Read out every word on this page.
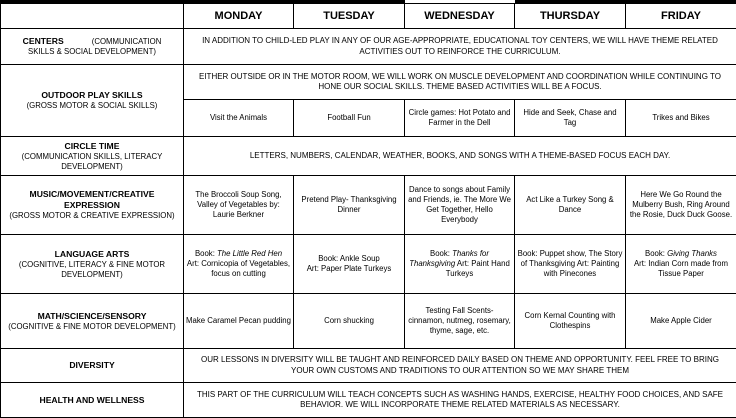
	MONDAY	TUESDAY	WEDNESDAY	THURSDAY	FRIDAY
CENTERS (COMMUNICATION
SKILLS & SOCIAL DEVELOPMENT)	IN ADDITION TO CHILD-LED PLAY IN ANY OF OUR AGE-APPROPRIATE, EDUCATIONAL TOY CENTERS, WE WILL HAVE THEME RELATED ACTIVITIES OUT TO REINFORCE THE CURRICULUM.				

OUTDOOR PLAY SKILLS
(GROSS MOTOR & SOCIAL SKILLS)	EITHER OUTSIDE OR IN THE MOTOR ROOM, WE WILL WORK ON MUSCLE DEVELOPMENT AND COORDINATION WHILE CONTINUING TO HONE OUR SOCIAL SKILLS. THEME BASED ACTIVITIES WILL BE A FOCUS.				
	Visit the Animals	Football Fun	Circle games: Hot Potato and Farmer in the Dell	Hide and Seek, Chase and Tag	Trikes and Bikes

CIRCLE TIME
(COMMUNICATION SKILLS, LITERACY DEVELOPMENT)	LETTERS, NUMBERS, CALENDAR, WEATHER, BOOKS, AND SONGS WITH A THEME-BASED FOCUS EACH DAY.				

MUSIC/MOVEMENT/CREATIVE EXPRESSION
(GROSS MOTOR & CREATIVE EXPRESSION)	The Broccoli Soup Song, Valley of Vegetables by: Laurie Berkner	Pretend Play- Thanksgiving Dinner	Dance to songs about Family and Friends, ie. The More We Get Together, Hello Everybody	Act Like a Turkey Song & Dance	Here We Go Round the Mulberry Bush, Ring Around the Rosie, Duck Duck Goose.

LANGUAGE ARTS
(COGNITIVE, LITERACY & FINE MOTOR DEVELOPMENT)	Book: The Little Red Hen
Art: Cornicopia of Vegetables, focus on cutting	Book: Ankle Soup
Art: Paper Plate Turkeys	Book: Thanks for
Thanksgiving Art: Paint Hand Turkeys	Book: Puppet show, The Story of Thanksgiving Art: Painting with Pinecones	Book: Giving Thanks
Art: Indian Corn made from Tissue Paper

MATH/SCIENCE/SENSORY
(COGNITIVE & FINE MOTOR DEVELOPMENT)	Make Caramel Pecan pudding	Corn shucking	Testing Fall Scents- cinnamon, nutmeg, rosemary, thyme, sage, etc.	Corn Kernal Counting with Clothespins	Make Apple Cider

DIVERSITY	OUR LESSONS IN DIVERSITY WILL BE TAUGHT AND REINFORCED DAILY BASED ON THEME AND OPPORTUNITY. FEEL FREE TO BRING YOUR OWN CUSTOMS AND TRADITIONS TO OUR ATTENTION SO WE MAY SHARE THEM				

HEALTH AND WELLNESS	THIS PART OF THE CURRICULUM WILL TEACH CONCEPTS SUCH AS WASHING HANDS, EXERCISE, HEALTHY FOOD CHOICES, AND SAFE BEHAVIOR. WE WILL INCORPORATE THEME RELATED MATERIALS AS NECESSARY.				
